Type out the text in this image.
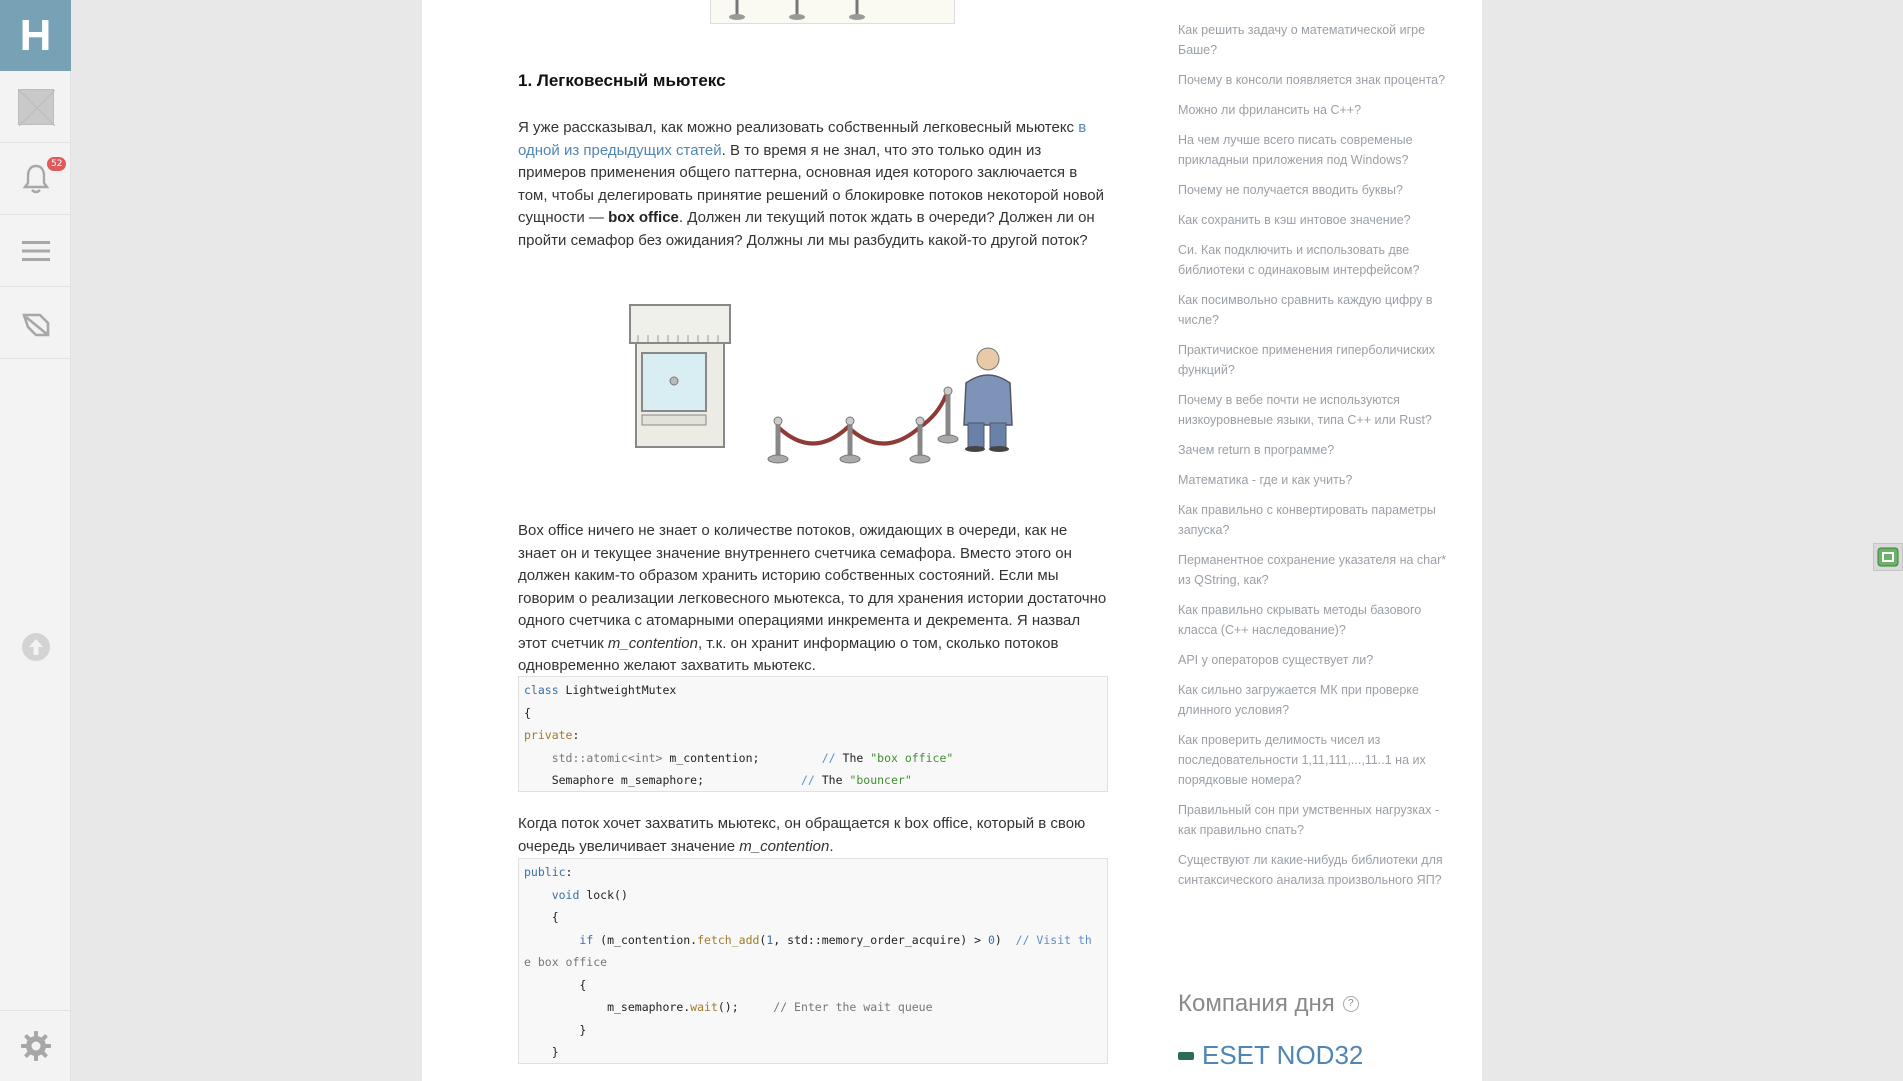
H
52
1. Легковесный мьютекс

Я уже рассказывал, как можно реализовать собственный легковесный мьютекс в одной из предыдущих статей. В то время я не знал, что это только один из примеров применения общего паттерна, основная идея которого заключается в том, чтобы делегировать принятие решений о блокировке потоков некоторой новой сущности — box office. Должен ли текущий поток ждать в очереди? Должен ли он пройти семафор без ожидания? Должны ли мы разбудить какой-то другой поток?

Box office ничего не знает о количестве потоков, ожидающих в очереди, как не знает он и текущее значение внутреннего счетчика семафора. Вместо этого он должен каким-то образом хранить историю собственных состояний. Если мы говорим о реализации легковесного мьютекса, то для хранения истории достаточно одного счетчика с атомарными операциями инкремента и декремента. Я назвал этот счетчик m_contention, т.к. он хранит информацию о том, сколько потоков одновременно желают захватить мьютекс.

class LightweightMutex
{
private:
std::atomic<int> m_contention;         // The "box office"
Semaphore m_semaphore;	// The "bouncer"

Когда поток хочет захватить мьютекс, он обращается к box office, который в свою очередь увеличивает значение m_contention.

public:
void lock()
{
if (m_contention.fetch_add(1, std::memory_order_acquire) > 0)  // Visit th
e box office
{
m_semaphore.wait();     // Enter the wait queue
}
}
Как решить задачу о математической игре Баше?
Почему в консоли появляется знак процента?
Можно ли фрилансить на C++?
На чем лучше всего писать современые прикладныи приложения под Windows?
Почему не получается вводить буквы?
Как сохранить в кэш интовое значение?
Си. Как подключить и использовать две библиотеки с одинаковым интерфейсом?
Как посимвольно сравнить каждую цифру в числе?
Практичиское применения гиперболичиских функций?
Почему в вебе почти не используются низкоуровневые языки, типа C++ или Rust?
Зачем return в программе?
Математика - где и как учить?
Как правильно с конвертировать параметры запуска?
Перманентное сохранение указателя на char* из QString, как?
Как правильно скрывать методы базового класса (C++ наследование)?
API у операторов существует ли?
Как сильно загружается МК при проверке длинного условия?
Как проверить делимость чисел из последовательности 1,11,111,...,11..1 на их порядковые номера?
Правильный сон при умственных нагрузках - как правильно спать?
Существуют ли какие-нибудь библиотеки для синтаксического анализа произвольного ЯП?
Компания дня	?
ESET NOD32
